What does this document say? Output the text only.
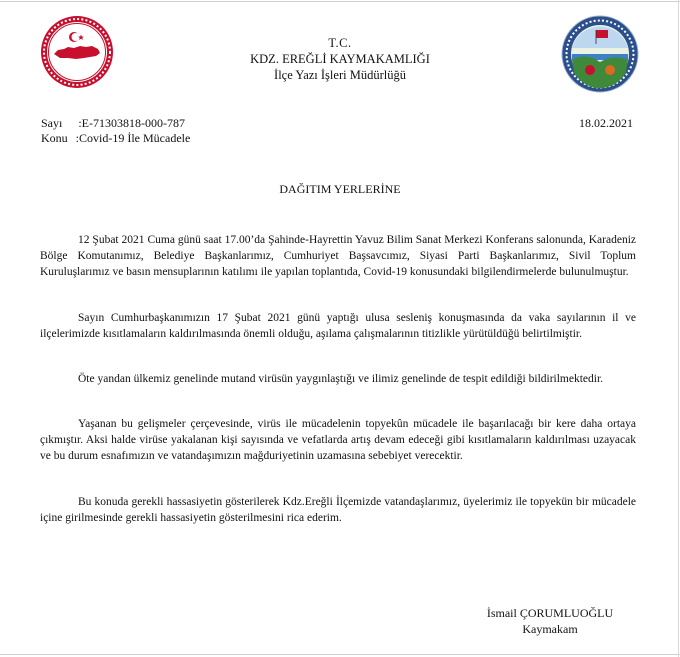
T.C.
KDZ. EREĞLİ KAYMAKAMLIĞI
İlçe Yazı İşleri Müdürlüğü
Sayı :E-71303818-000-787
Konu :Covid-19 İle Mücadele
18.02.2021
DAĞITIM YERLERİNE
12 Şubat 2021 Cuma günü saat 17.00’da Şahinde-Hayrettin Yavuz Bilim Sanat Merkezi Konferans salonunda, Karadeniz Bölge Komutanımız, Belediye Başkanlarımız, Cumhuriyet Başsavcımız, Siyasi Parti Başkanlarımız, Sivil Toplum Kuruluşlarımız ve basın mensuplarının katılımı ile yapılan toplantıda, Covid-19 konusundaki bilgilendirmelerde bulunulmuştur.
Sayın Cumhurbaşkanımızın 17 Şubat 2021 günü yaptığı ulusa sesleniş konuşmasında da vaka sayılarının il ve ilçelerimizde kısıtlamaların kaldırılmasında önemli olduğu, aşılama çalışmalarının titizlikle yürütüldüğü belirtilmiştir.
Öte yandan ülkemiz genelinde mutand virüsün yaygınlaştığı ve ilimiz genelinde de tespit edildiği bildirilmektedir.
Yaşanan bu gelişmeler çerçevesinde, virüs ile mücadelenin topyekûn mücadele ile başarılacağı bir kere daha ortaya çıkmıştır. Aksi halde virüse yakalanan kişi sayısında ve vefatlarda artış devam edeceği gibi kısıtlamaların kaldırılması uzayacak ve bu durum esnafımızın ve vatandaşımızın mağduriyetinin uzamasına sebebiyet verecektir.
Bu konuda gerekli hassasiyetin gösterilerek Kdz.Ereğli İlçemizde vatandaşlarımız, üyelerimiz ile topyekün bir mücadele içine girilmesinde gerekli hassasiyetin gösterilmesini rica ederim.
İsmail ÇORUMLUOĞLU
Kaymakam
